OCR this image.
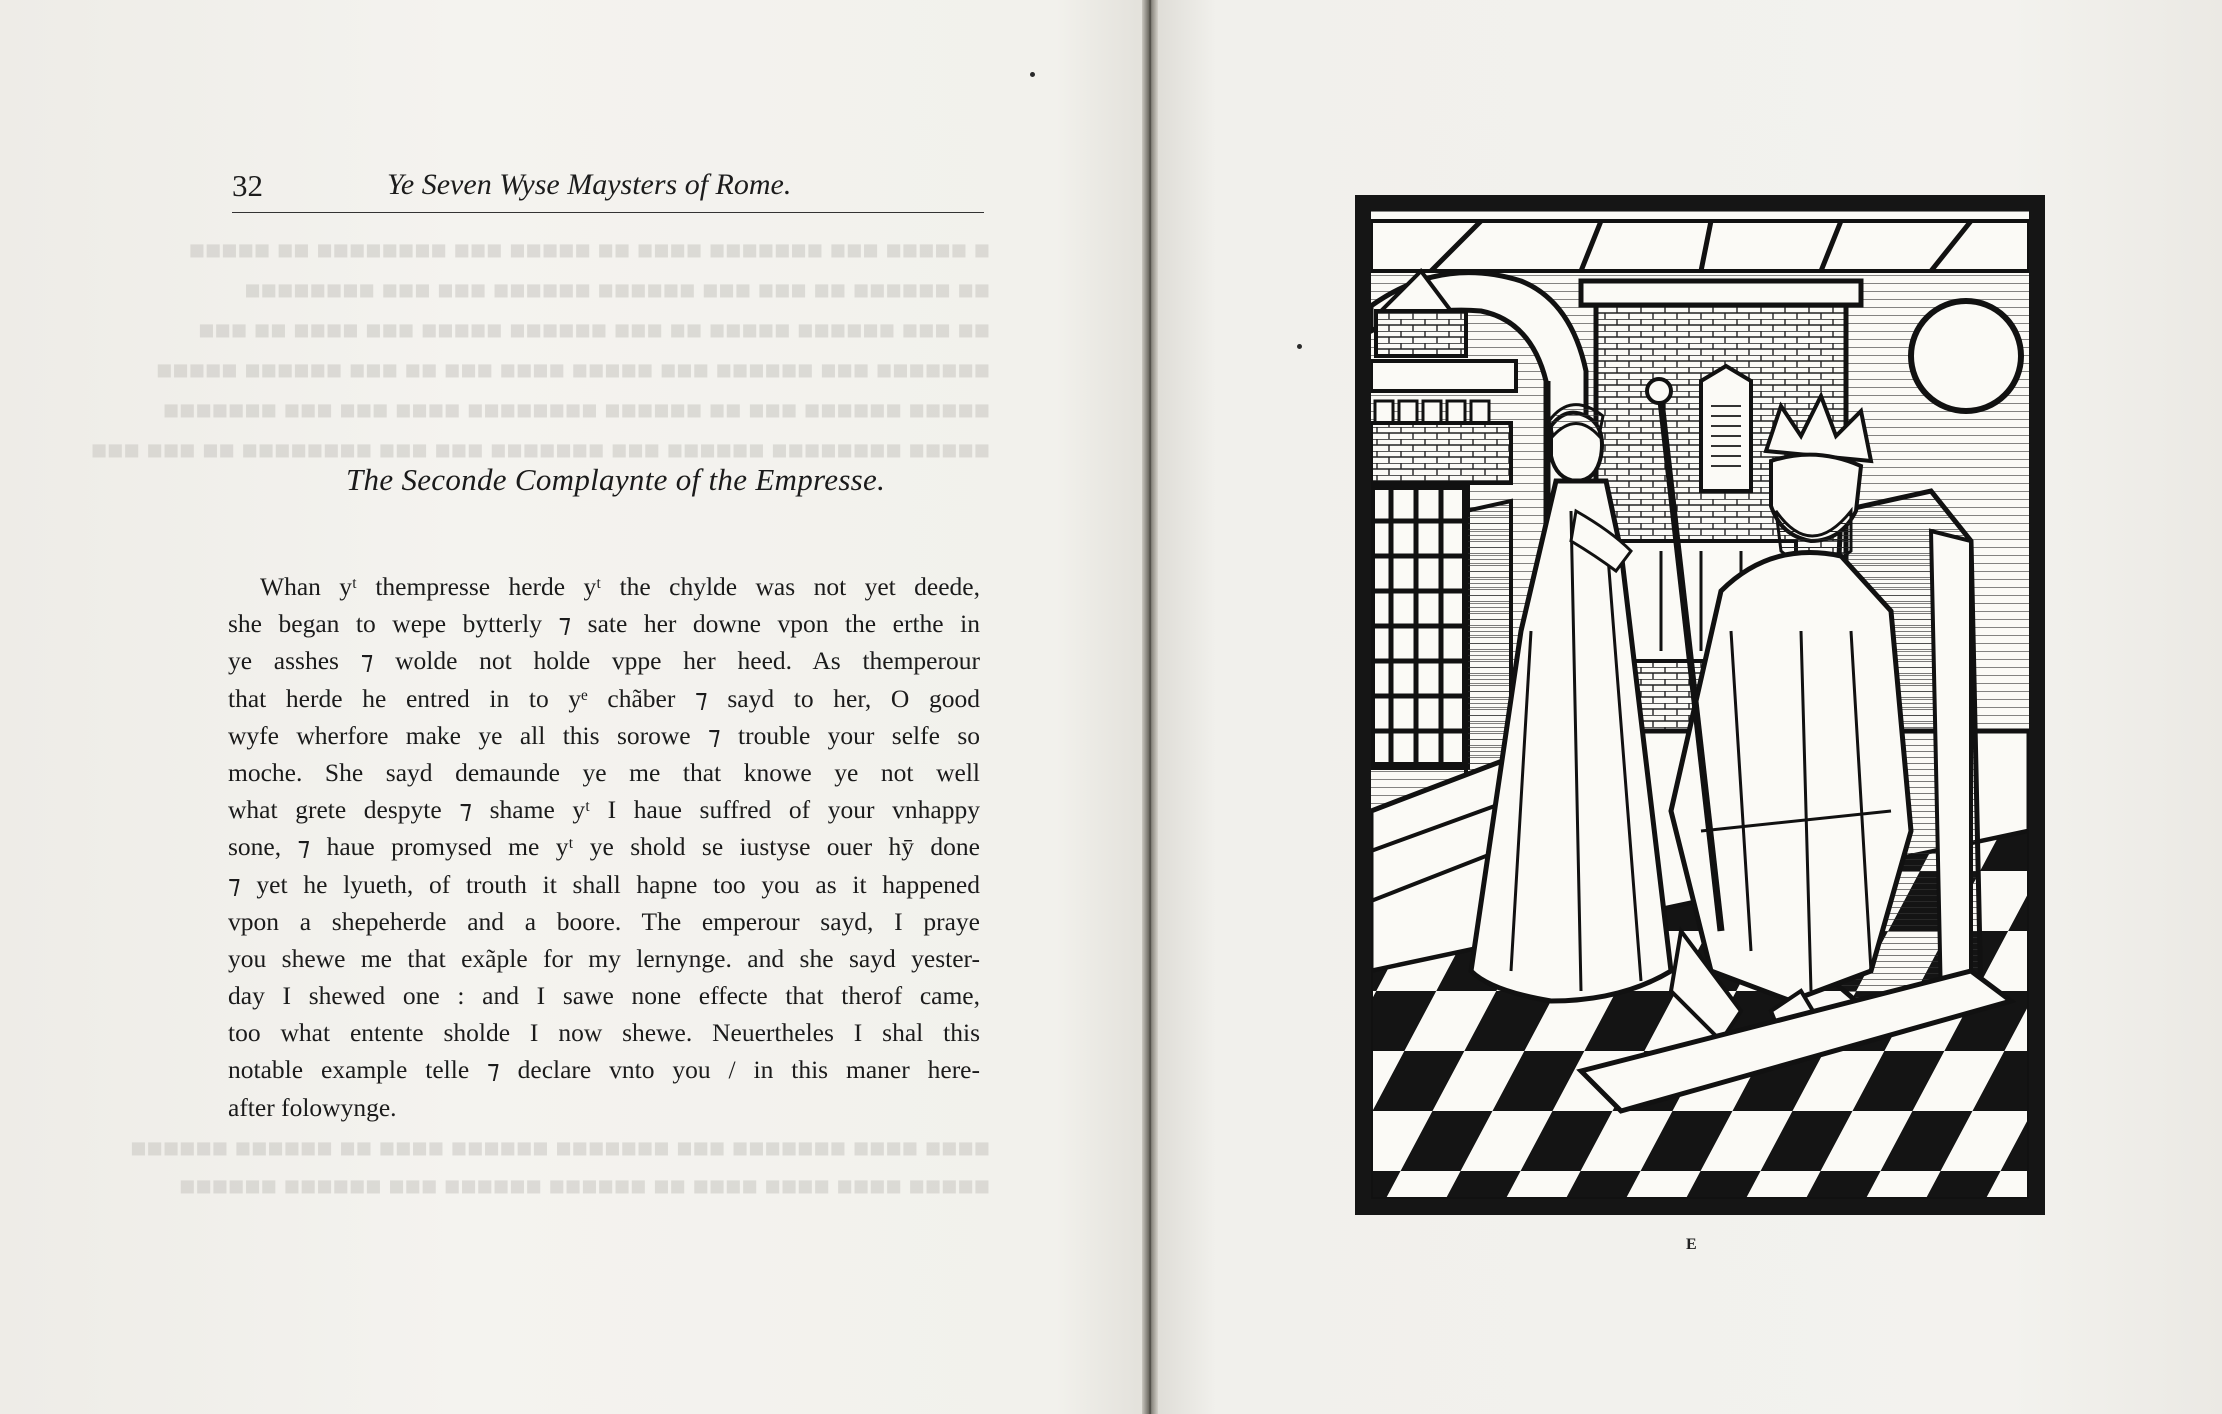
■ ■■■■■ ■■■ ■■■■■■■ ■■■■ ■■ ■■■■■ ■■■ ■■■■■■■■ ■■ ■■■■■
■■ ■■■■■■ ■■ ■■■ ■■■ ■■■■■■ ■■■■■■ ■■■ ■■■ ■■■■■■■■
■■ ■■■ ■■■■■■ ■■■■■ ■■ ■■■ ■■■■■■ ■■■■■ ■■■ ■■■■ ■■ ■■■
■■■■■■■ ■■■ ■■■■■■ ■■■ ■■■■■ ■■■■ ■■■ ■■ ■■■ ■■■■■■ ■■■■■
■■■■■ ■■■■■■ ■■■ ■■ ■■■■■■ ■■■■■■■■ ■■■■ ■■■ ■■■ ■■■■■■■
■■■■■ ■■■■■■■■ ■■■■■■ ■■■ ■■■■■■■ ■■■ ■■■ ■■■■■■■■ ■■ ■■■ ■■■
■■■■ ■■■■ ■■■■■■■ ■■■ ■■■■■■■ ■■■■■■ ■■■■ ■■ ■■■■■■ ■■■■■■
■■■■■ ■■■■ ■■■■ ■■■■ ■■ ■■■■■■ ■■■■■■ ■■■ ■■■■■■ ■■■■■■
32	Ye Seven Wyse Maysters of Rome.
The Seconde Complaynte of the Empresse.
Whan yᵗ thempresse herde yᵗ the chylde was not yet deede,
she began to wepe bytterly ⁊ sate her downe vpon the erthe in
ye asshes ⁊ wolde not holde vppe her heed. As themperour
that herde he entred in to yᵉ chãber ⁊ sayd to her, O good
wyfe wherfore make ye all this sorowe ⁊ trouble your selfe so
moche. She sayd demaunde ye me that knowe ye not well
what grete despyte ⁊ shame yᵗ I haue suffred of your vnhappy
sone, ⁊ haue promysed me yᵗ ye shold se iustyse ouer hȳ done
⁊ yet he lyueth, of trouth it shall hapne too you as it happened
vpon a shepeherde and a boore. The emperour sayd, I praye
you shewe me that exãple for my lernynge. and she sayd yester-
day I shewed one : and I sawe none effecte that therof came,
too what entente sholde I now shewe. Neuertheles I shal this
notable example telle ⁊ declare vnto you / in this maner here-
after folowynge.
E
